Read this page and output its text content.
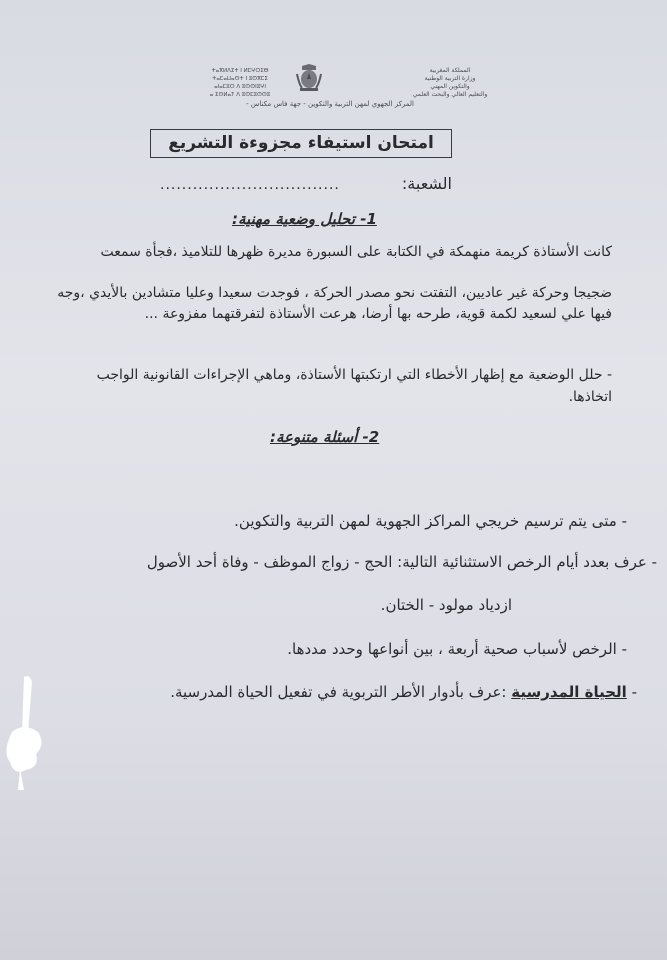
ⵜⴰⴳⵍⴷⵉⵜ ⵏ ⵍⵎⵖⵔⵉⴱ
ⵜⴰⵎⴰⵡⴰⵙⵜ ⵏ ⵓⵙⴳⵎⵉ
ⴰⵏⴰⵎⵓⵔ ⴷ ⵓⵙⵙⵏⵓⵖⵏ
ⴰ ⵉⵙⵍⴰⵢ ⴷ ⵓⵙⵎⵓⵙⵙⵓ
المملكة المغربية
وزارة التربية الوطنية
والتكوين المهني
والتعليم العالي والبحث العلمي
المركز الجهوي لمهن التربية والتكوين - جهة فاس مكناس -
امتحان استيفاء مجزوءة التشريع
الشعبة:
.................................
1- تحليل وضعية مهنية:
كانت الأستاذة كريمة منهمكة في الكتابة على السبورة مديرة ظهرها للتلاميذ ،فجأة سمعت
ضجيجا وحركة غير عاديين، التفتت نحو مصدر الحركة ، فوجدت سعيدا وعليا متشادين بالأيدي ،وجه فيها علي لسعيد لكمة قوية، طرحه بها أرضا، هرعت الأستاذة لتفرقتهما مفزوعة ...
- حلل الوضعية مع إظهار الأخطاء التي ارتكبتها الأستاذة، وماهي الإجراءات القانونية الواجب اتخاذها.
2- أسئلة متنوعة:
- متى يتم ترسيم خريجي المراكز الجهوية لمهن التربية والتكوين.
- عرف بعدد أيام الرخص الاستثنائية التالية: الحج - زواج الموظف - وفاة أحد الأصول
ازدياد مولود - الختان.
- الرخص لأسباب صحية أربعة ، بين أنواعها وحدد مددها.
- الحياة المدرسية :عرف بأدوار الأطر التربوية في تفعيل الحياة المدرسية.
